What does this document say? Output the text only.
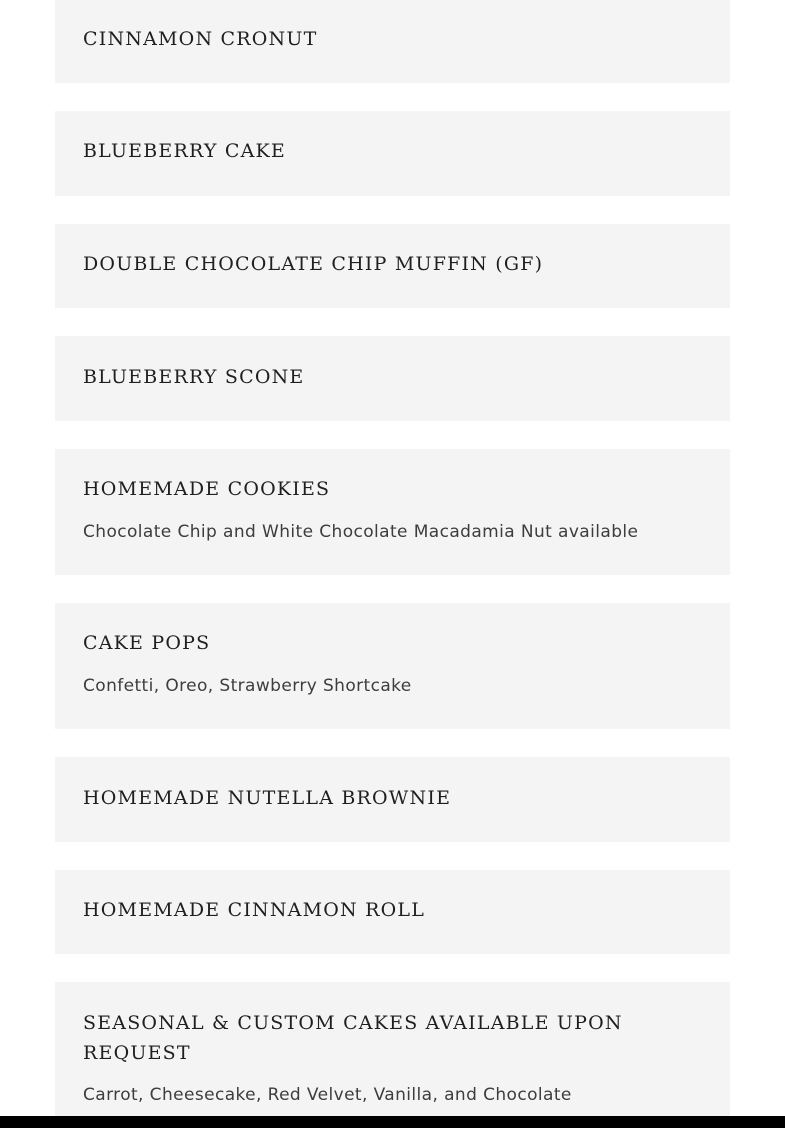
CINNAMON CRONUT
BLUEBERRY CAKE
DOUBLE CHOCOLATE CHIP MUFFIN (GF)
BLUEBERRY SCONE
HOMEMADE COOKIES

Chocolate Chip and White Chocolate Macadamia Nut available

CAKE POPS

Confetti, Oreo, Strawberry Shortcake

HOMEMADE NUTELLA BROWNIE
HOMEMADE CINNAMON ROLL
SEASONAL & CUSTOM CAKES AVAILABLE UPON REQUEST

Carrot, Cheesecake, Red Velvet, Vanilla, and Chocolate
